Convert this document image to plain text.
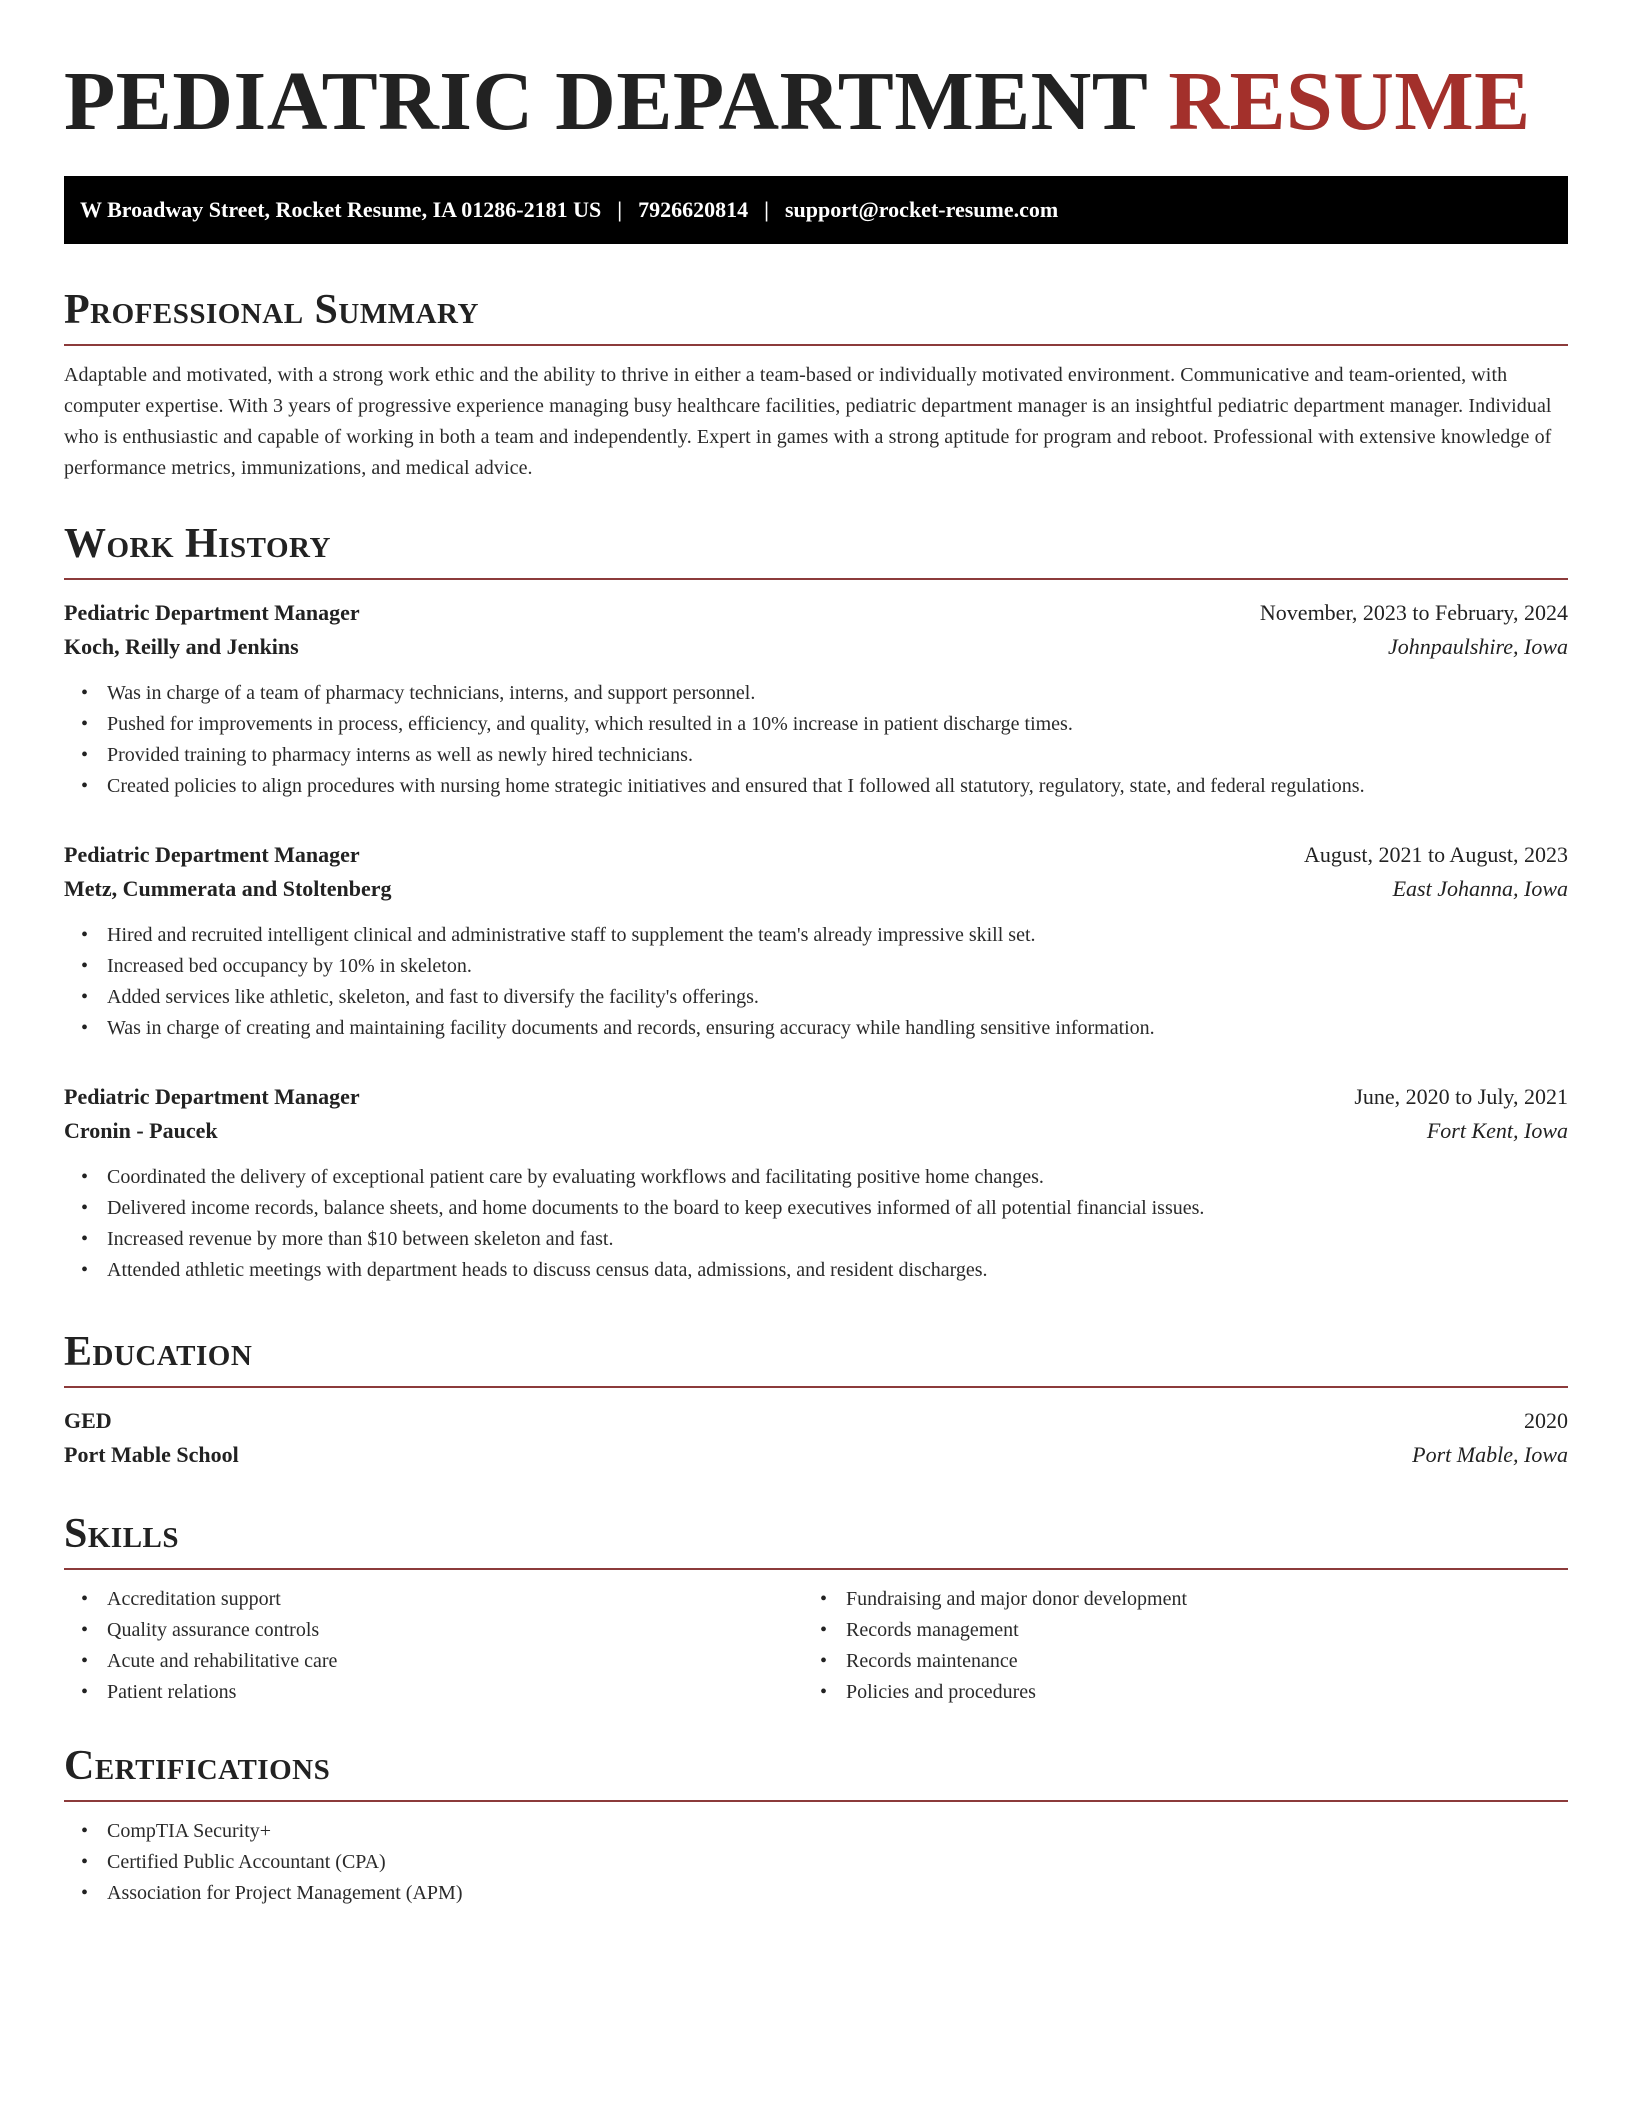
PEDIATRIC DEPARTMENT RESUME
W Broadway Street, Rocket Resume, IA 01286-2181 US | 7926620814 | support@rocket-resume.com
Professional Summary

Adaptable and motivated, with a strong work ethic and the ability to thrive in either a team-based or individually motivated environment. Communicative and team-oriented, with computer expertise. With 3 years of progressive experience managing busy healthcare facilities, pediatric department manager is an insightful pediatric department manager. Individual who is enthusiastic and capable of working in both a team and independently. Expert in games with a strong aptitude for program and reboot. Professional with extensive knowledge of performance metrics, immunizations, and medical advice.

Work History
Pediatric Department Manager	November, 2023 to February, 2024
Koch, Reilly and Jenkins	Johnpaulshire, Iowa
• Was in charge of a team of pharmacy technicians, interns, and support personnel.
• Pushed for improvements in process, efficiency, and quality, which resulted in a 10% increase in patient discharge times.
• Provided training to pharmacy interns as well as newly hired technicians.
• Created policies to align procedures with nursing home strategic initiatives and ensured that I followed all statutory, regulatory, state, and federal regulations.
Pediatric Department Manager	August, 2021 to August, 2023
Metz, Cummerata and Stoltenberg	East Johanna, Iowa
• Hired and recruited intelligent clinical and administrative staff to supplement the team's already impressive skill set.
• Increased bed occupancy by 10% in skeleton.
• Added services like athletic, skeleton, and fast to diversify the facility's offerings.
• Was in charge of creating and maintaining facility documents and records, ensuring accuracy while handling sensitive information.
Pediatric Department Manager	June, 2020 to July, 2021
Cronin - Paucek	Fort Kent, Iowa
• Coordinated the delivery of exceptional patient care by evaluating workflows and facilitating positive home changes.
• Delivered income records, balance sheets, and home documents to the board to keep executives informed of all potential financial issues.
• Increased revenue by more than $10 between skeleton and fast.
• Attended athletic meetings with department heads to discuss census data, admissions, and resident discharges.
Education
GED	2020
Port Mable School	Port Mable, Iowa
Skills
• Accreditation support
• Quality assurance controls
• Acute and rehabilitative care
• Patient relations
• Fundraising and major donor development
• Records management
• Records maintenance
• Policies and procedures
Certifications
• CompTIA Security+
• Certified Public Accountant (CPA)
• Association for Project Management (APM)
